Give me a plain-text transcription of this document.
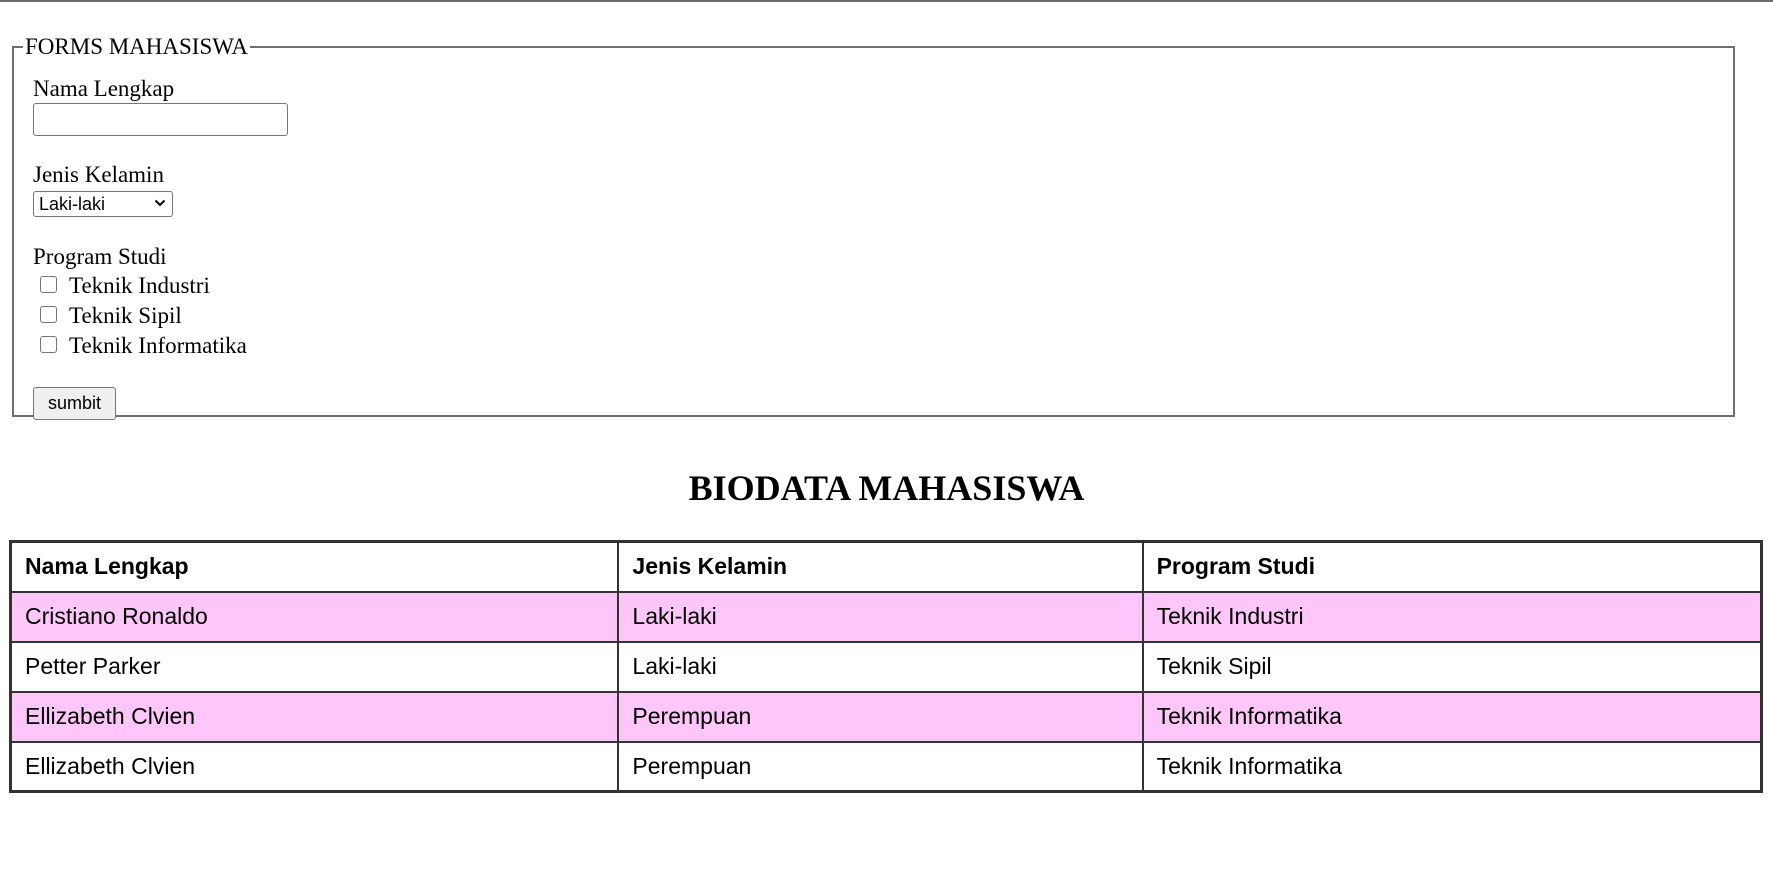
FORMS MAHASISWA
Nama Lengkap
Jenis Kelamin
Laki-laki
Program Studi
Teknik Industri
Teknik Sipil
Teknik Informatika
sumbit
BIODATA MAHASISWA
Nama Lengkap	Jenis Kelamin	Program Studi
Cristiano Ronaldo	Laki-laki	Teknik Industri
Petter Parker	Laki-laki	Teknik Sipil
Ellizabeth Clvien	Perempuan	Teknik Informatika
Ellizabeth Clvien	Perempuan	Teknik Informatika
